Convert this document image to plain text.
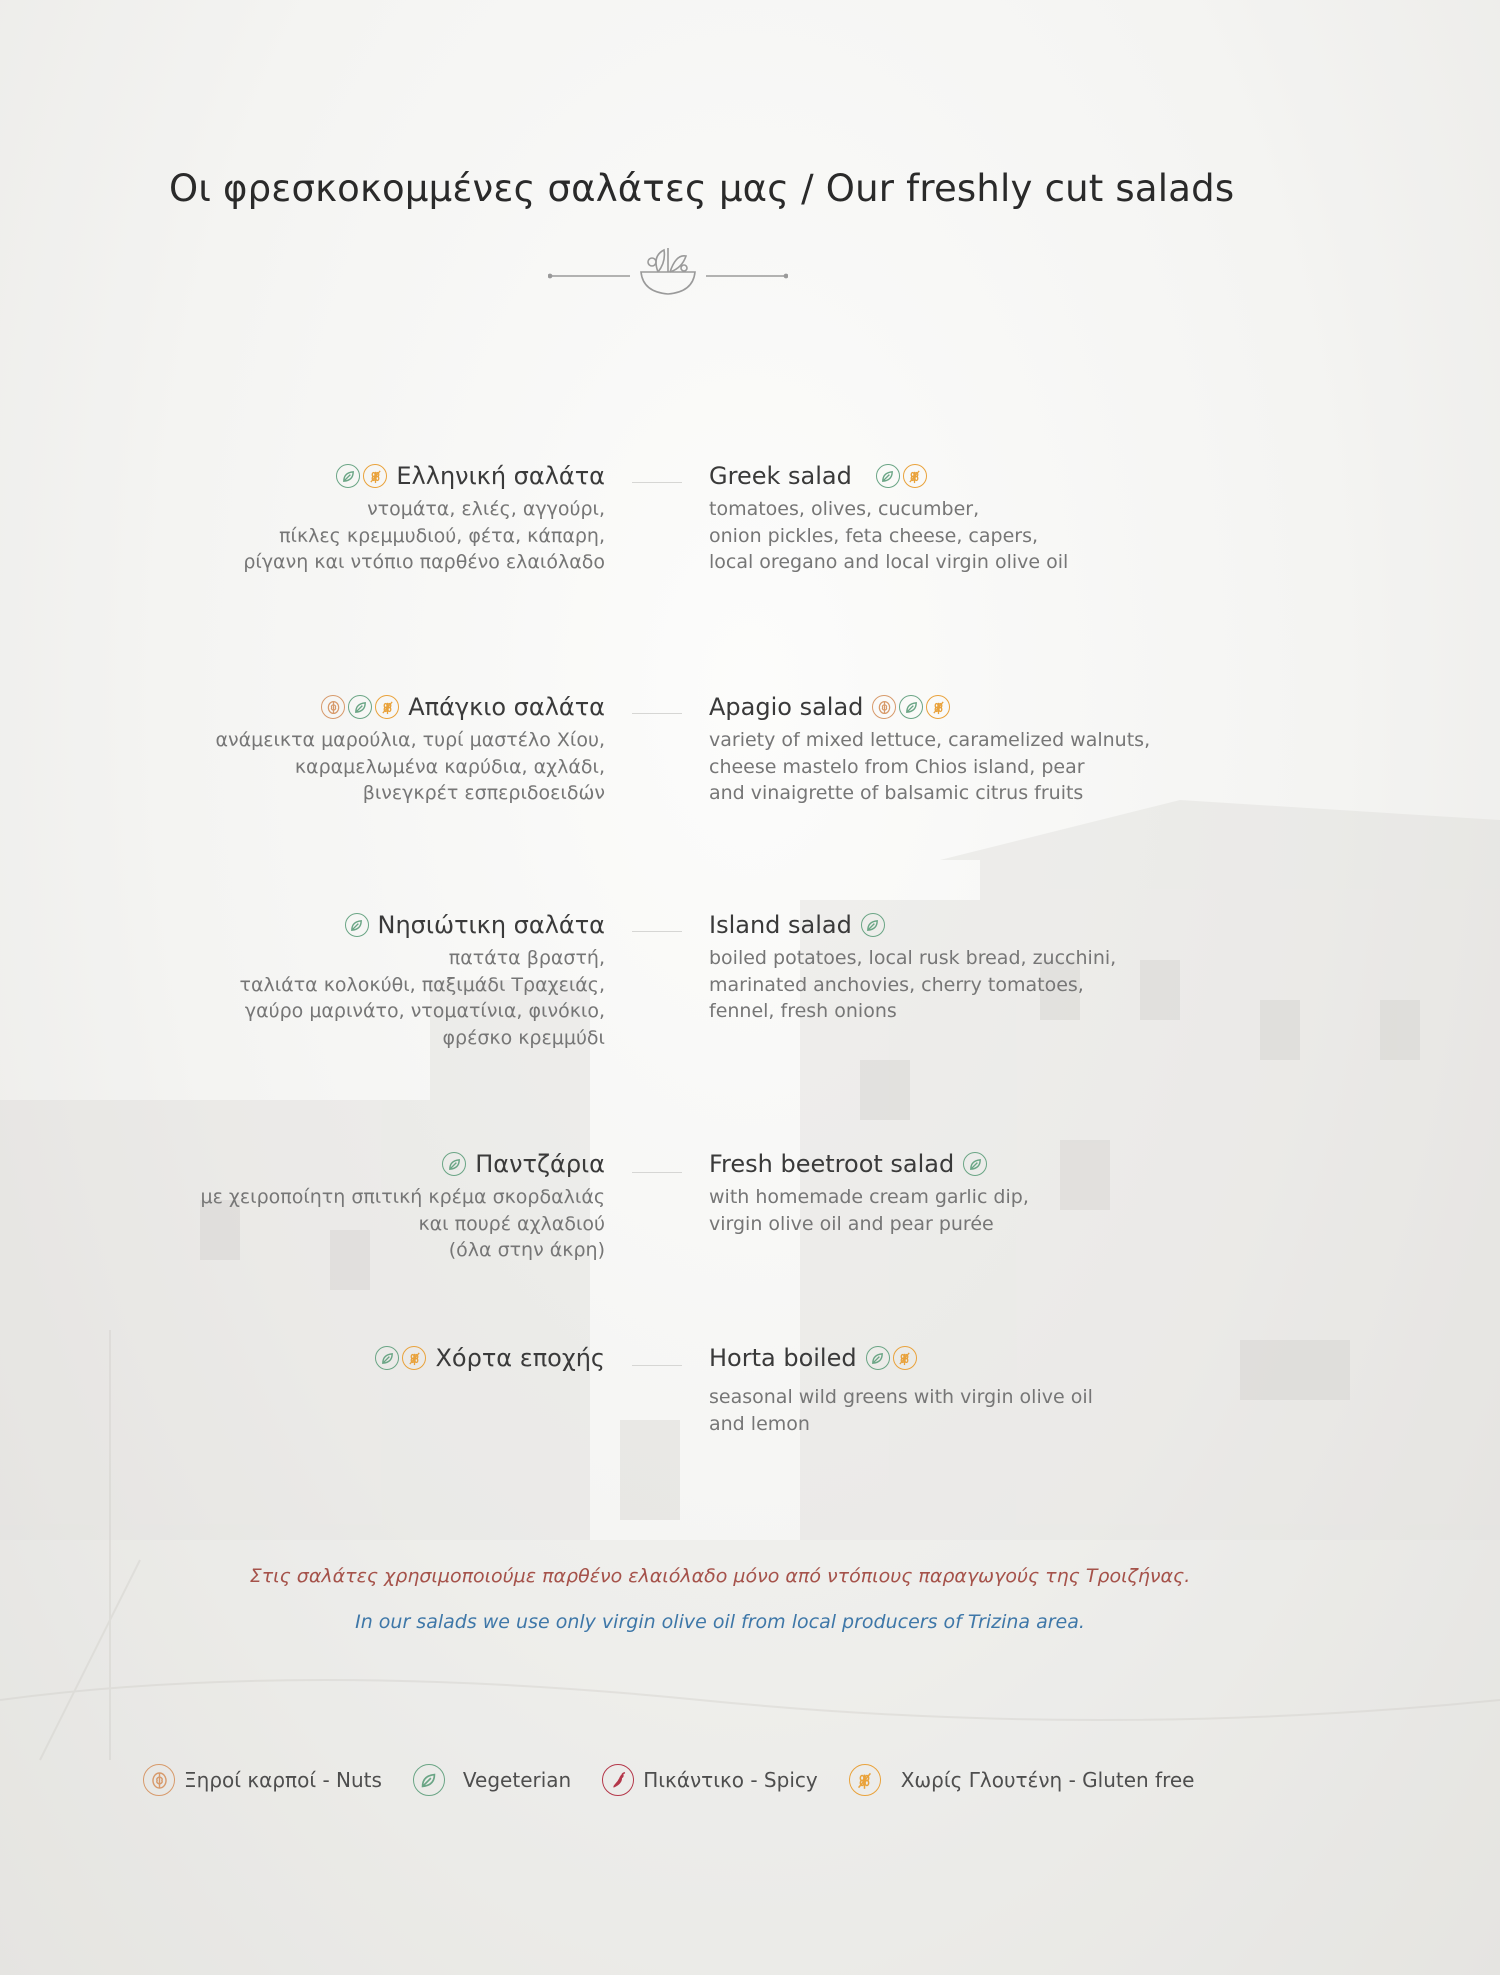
Οι φρεσκοκομμένες σαλάτες μας / Our freshly cut salads
Ελληνική σαλάτα
ντομάτα, ελιές, αγγούρι,
πίκλες κρεμμυδιού, φέτα, κάπαρη,
ρίγανη και ντόπιο παρθένο ελαιόλαδο
Greek salad
tomatoes, olives, cucumber,
onion pickles, feta cheese, capers,
local oregano and local virgin olive oil
Απάγκιο σαλάτα
ανάμεικτα μαρούλια, τυρί μαστέλο Χίου,
καραμελωμένα καρύδια, αχλάδι,
βινεγκρέτ εσπεριδοειδών
Apagio salad
variety of mixed lettuce, caramelized walnuts,
cheese mastelo from Chios island, pear
and vinaigrette of balsamic citrus fruits
Νησιώτικη σαλάτα
πατάτα βραστή,
ταλιάτα κολοκύθι, παξιμάδι Τραχειάς,
γαύρο μαρινάτο, ντοματίνια, φινόκιο,
φρέσκο κρεμμύδι
Island salad
boiled potatoes, local rusk bread, zucchini,
marinated anchovies, cherry tomatoes,
fennel, fresh onions
Παντζάρια
με χειροποίητη σπιτική κρέμα σκορδαλιάς
και πουρέ αχλαδιού
(όλα στην άκρη)
Fresh beetroot salad
with homemade cream garlic dip,
virgin olive oil and pear purée
Χόρτα εποχής	Horta boiled
seasonal wild greens with virgin olive oil
and lemon

Στις σαλάτες χρησιμοποιούμε παρθένο ελαιόλαδο μόνο από ντόπιους παραγωγούς της Τροιζήνας.

In our salads we use only virgin olive oil from local producers of Trizina area.

Ξηροί καρποί - Nuts	Vegeterian	Πικάντικο - Spicy	Χωρίς Γλουτένη - Gluten free
